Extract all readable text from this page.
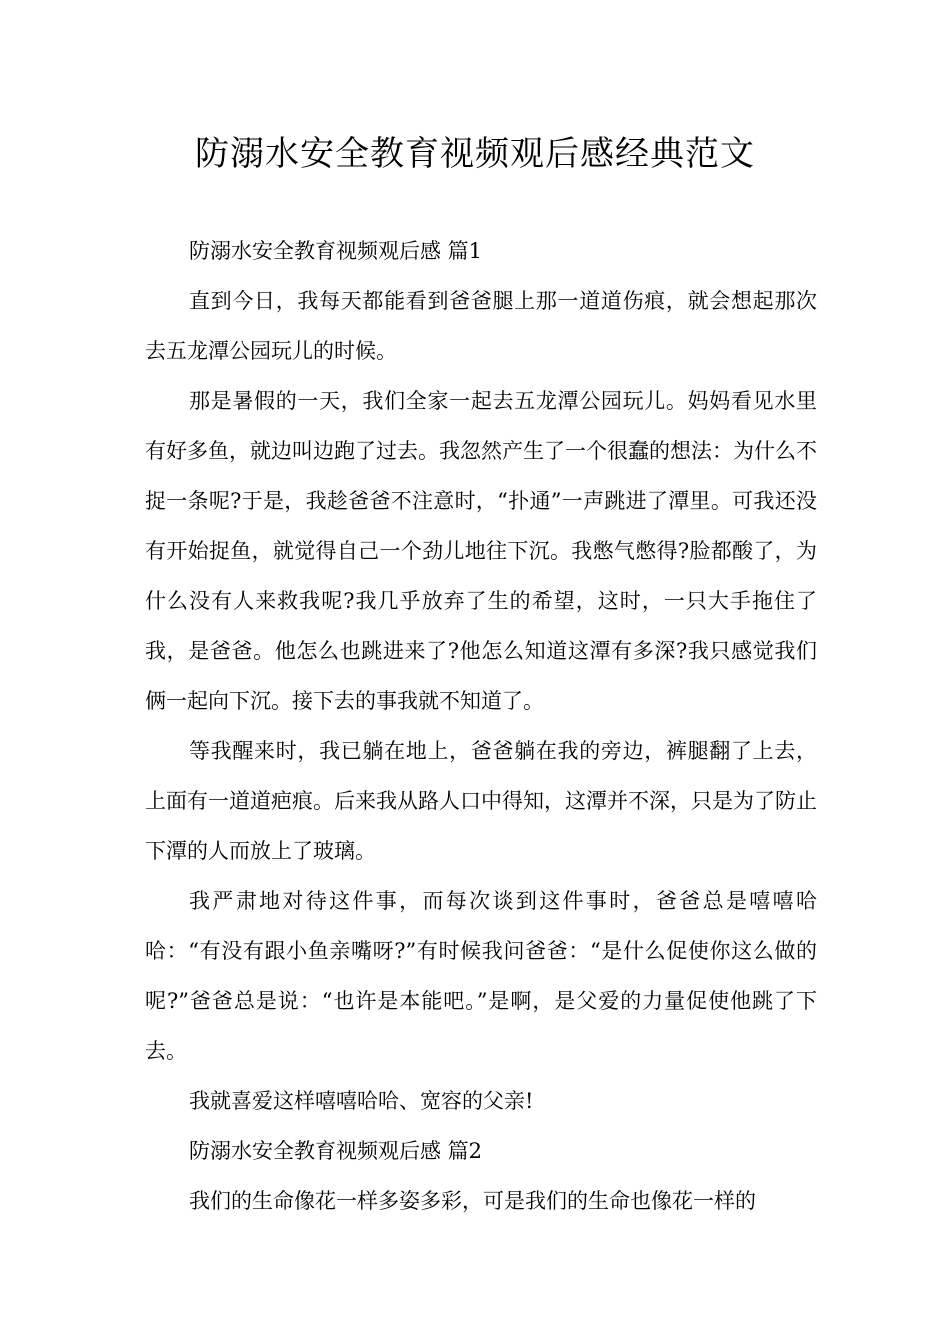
防溺水安全教育视频观后感经典范文

防溺水安全教育视频观后感 篇1

直到今日，我每天都能看到爸爸腿上那一道道伤痕，就会想起那次去五龙潭公园玩儿的时候。

那是暑假的一天，我们全家一起去五龙潭公园玩儿。妈妈看见水里有好多鱼，就边叫边跑了过去。我忽然产生了一个很蠢的想法：为什么不捉一条呢?于是，我趁爸爸不注意时，“扑通”一声跳进了潭里。可我还没有开始捉鱼，就觉得自己一个劲儿地往下沉。我憋气憋得?脸都酸了，为什么没有人来救我呢?我几乎放弃了生的希望，这时，一只大手拖住了我，是爸爸。他怎么也跳进来了?他怎么知道这潭有多深?我只感觉我们俩一起向下沉。接下去的事我就不知道了。

等我醒来时，我已躺在地上，爸爸躺在我的旁边，裤腿翻了上去，上面有一道道疤痕。后来我从路人口中得知，这潭并不深，只是为了防止下潭的人而放上了玻璃。

我严肃地对待这件事，而每次谈到这件事时，爸爸总是嘻嘻哈哈：“有没有跟小鱼亲嘴呀?”有时候我问爸爸：“是什么促使你这么做的呢?”爸爸总是说：“也许是本能吧。”是啊，是父爱的力量促使他跳了下去。

我就喜爱这样嘻嘻哈哈、宽容的父亲!

防溺水安全教育视频观后感 篇2

我们的生命像花一样多姿多彩，可是我们的生命也像花一样的
